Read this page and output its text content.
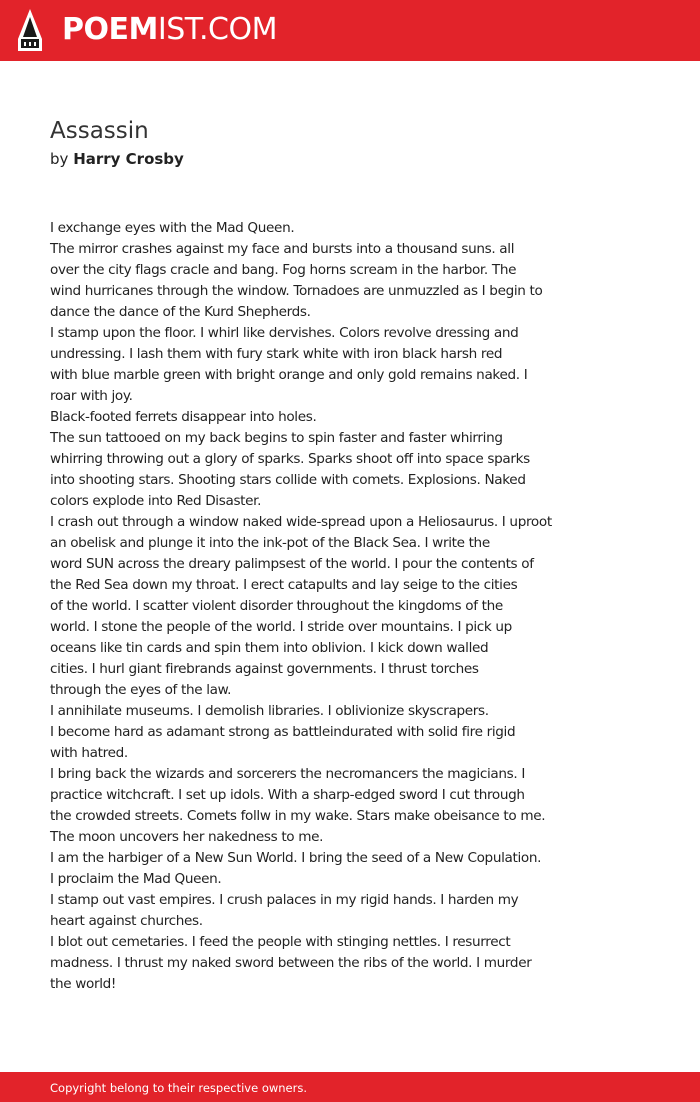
POEMIST.COM
Assassin
by Harry Crosby
I exchange eyes with the Mad Queen.
The mirror crashes against my face and bursts into a thousand suns. all
over the city flags cracle and bang. Fog horns scream in the harbor. The
wind hurricanes through the window. Tornadoes are unmuzzled as I begin to
dance the dance of the Kurd Shepherds.
I stamp upon the floor. I whirl like dervishes. Colors revolve dressing and
undressing. I lash them with fury stark white with iron black harsh red
with blue marble green with bright orange and only gold remains naked. I
roar with joy.
Black-footed ferrets disappear into holes.
The sun tattooed on my back begins to spin faster and faster whirring
whirring throwing out a glory of sparks. Sparks shoot off into space sparks
into shooting stars. Shooting stars collide with comets. Explosions. Naked
colors explode into Red Disaster.
I crash out through a window naked wide-spread upon a Heliosaurus. I uproot
an obelisk and plunge it into the ink-pot of the Black Sea. I write the
word SUN across the dreary palimpsest of the world. I pour the contents of
the Red Sea down my throat. I erect catapults and lay seige to the cities
of the world. I scatter violent disorder throughout the kingdoms of the
world. I stone the people of the world. I stride over mountains. I pick up
oceans like tin cards and spin them into oblivion. I kick down walled
cities. I hurl giant firebrands against governments. I thrust torches
through the eyes of the law.
I annihilate museums. I demolish libraries. I oblivionize skyscrapers.
I become hard as adamant strong as battleindurated with solid fire rigid
with hatred.
I bring back the wizards and sorcerers the necromancers the magicians. I
practice witchcraft. I set up idols. With a sharp-edged sword I cut through
the crowded streets. Comets follw in my wake. Stars make obeisance to me.
The moon uncovers her nakedness to me.
I am the harbiger of a New Sun World. I bring the seed of a New Copulation.
I proclaim the Mad Queen.
I stamp out vast empires. I crush palaces in my rigid hands. I harden my
heart against churches.
I blot out cemetaries. I feed the people with stinging nettles. I resurrect
madness. I thrust my naked sword between the ribs of the world. I murder
the world!
Copyright belong to their respective owners.
